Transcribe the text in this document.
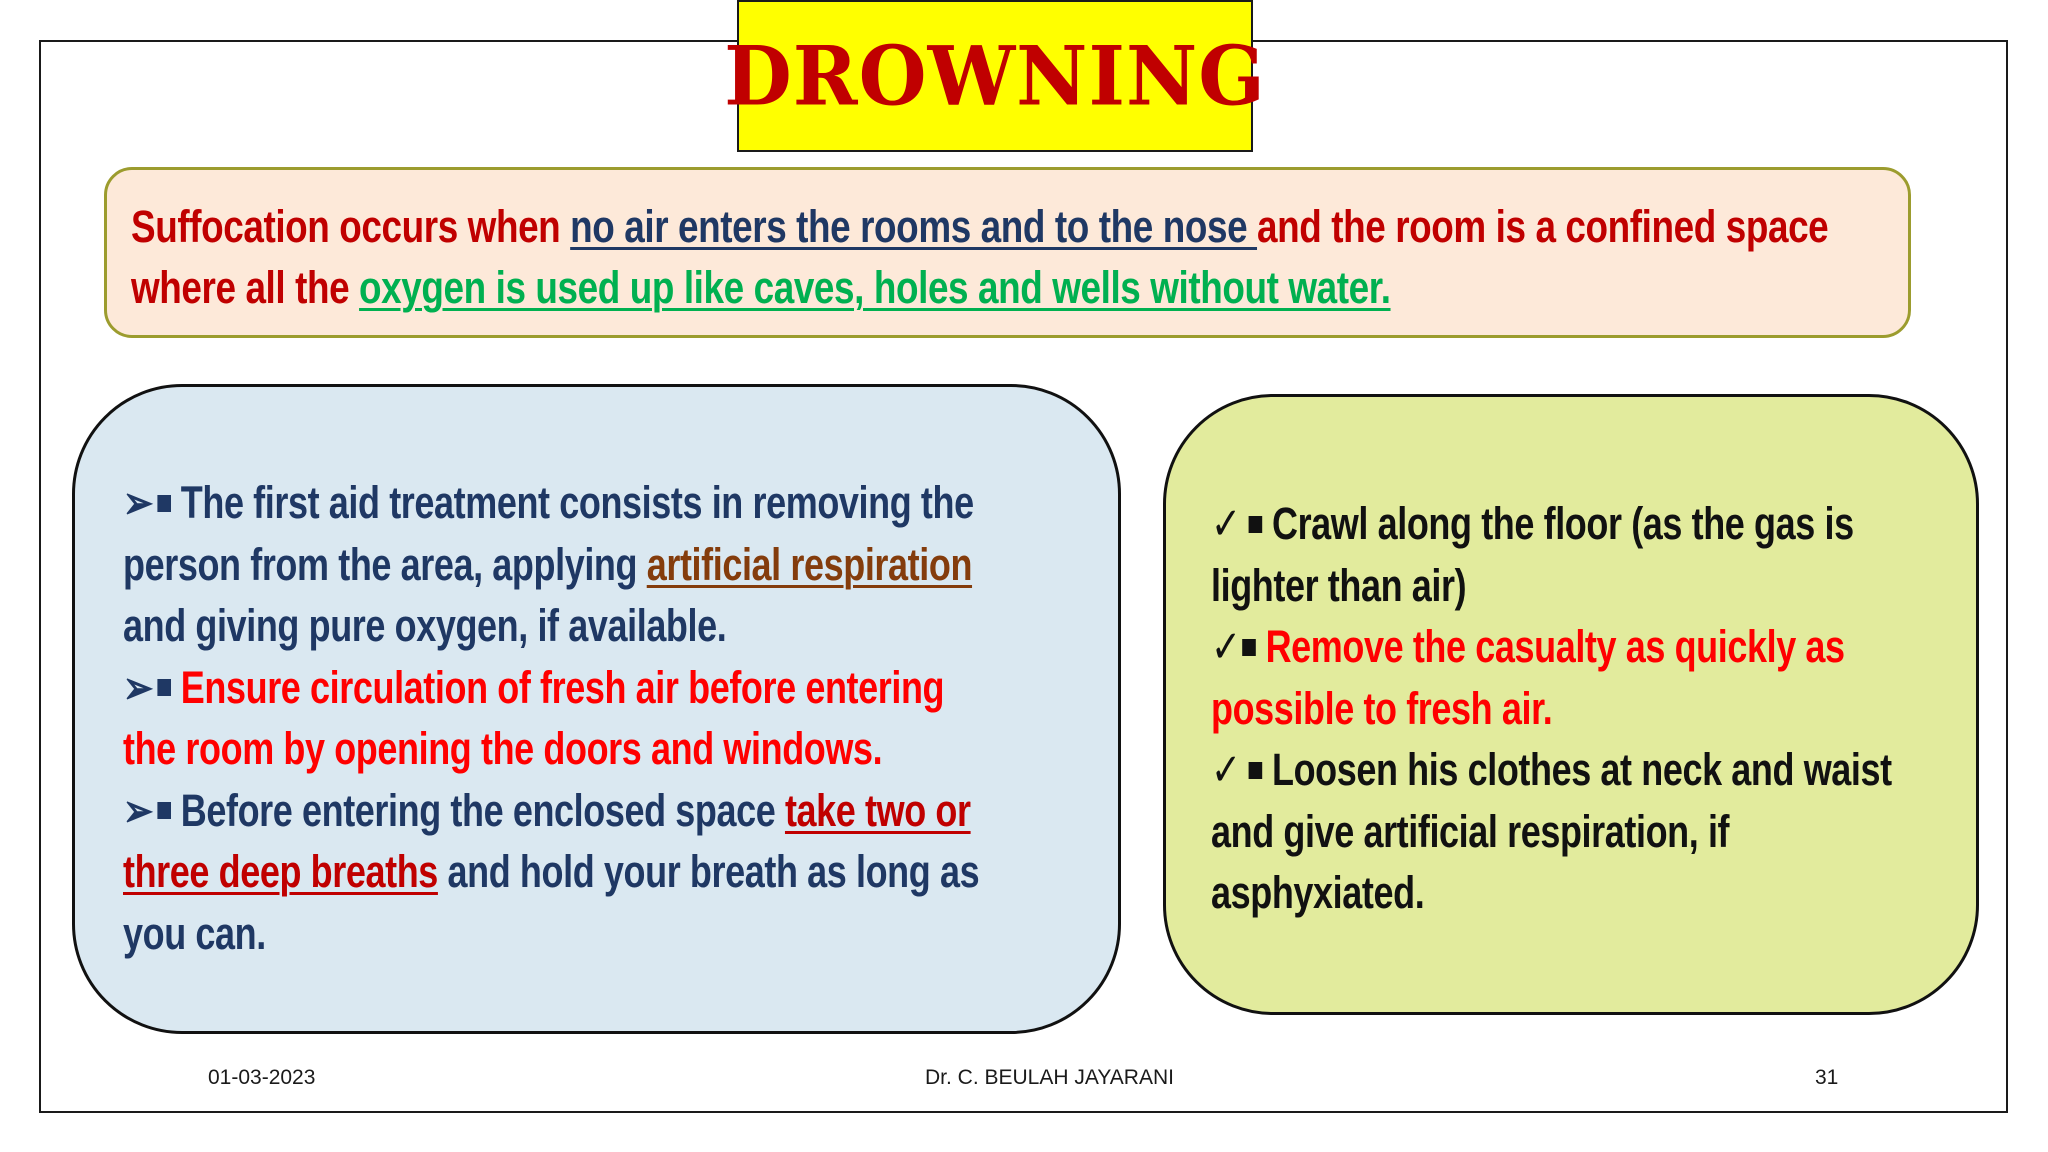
DROWNING
Suffocation occurs when no air enters the rooms and to the nose and the room is a confined space
where all the oxygen is used up like caves, holes and wells without water.
➢ The first aid treatment consists in removing the
person from the area, applying artificial respiration
and giving pure oxygen, if available.
➢ Ensure circulation of fresh air before entering
the room by opening the doors and windows.
➢ Before entering the enclosed space take two or
three deep breaths and hold your breath as long as
you can.
✓ Crawl along the floor (as the gas is
lighter than air)
✓ Remove the casualty as quickly as
possible to fresh air.
✓ Loosen his clothes at neck and waist
and give artificial respiration, if
asphyxiated.
01-03-2023	Dr. C. BEULAH JAYARANI	31
